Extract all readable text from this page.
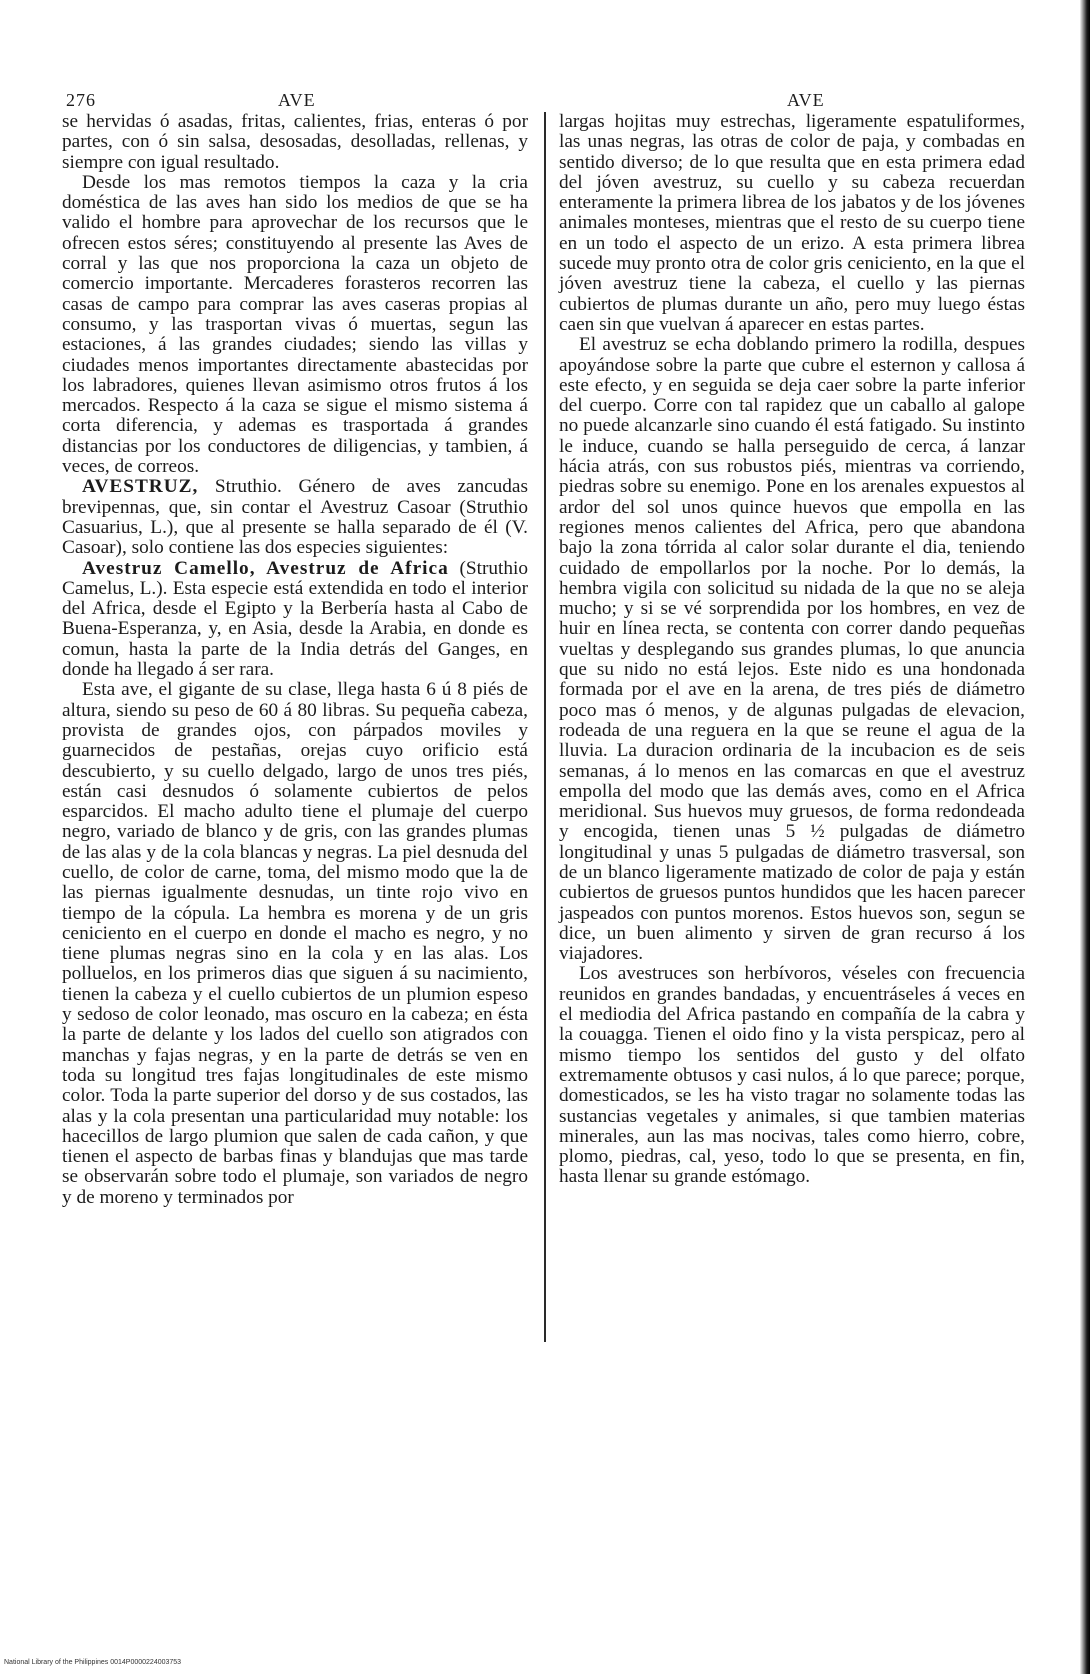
276	AVE	AVE

se hervidas ó asadas, fritas, calientes, frias, enteras ó por partes, con ó sin salsa, desosadas, desolladas, rellenas, y siempre con igual resultado.

Desde los mas remotos tiempos la caza y la cria doméstica de las aves han sido los medios de que se ha valido el hombre para aprovechar de los recursos que le ofrecen estos séres; constituyendo al presente las Aves de corral y las que nos proporciona la caza un objeto de comercio importante. Mercaderes forasteros recorren las casas de campo para comprar las aves caseras propias al consumo, y las trasportan vivas ó muertas, segun las estaciones, á las grandes ciudades; siendo las villas y ciudades menos importantes directamente abastecidas por los labradores, quienes llevan asimismo otros frutos á los mercados. Respecto á la caza se sigue el mismo sistema á corta diferencia, y ademas es trasportada á grandes distancias por los conductores de diligencias, y tambien, á veces, de correos.

AVESTRUZ, Struthio. Género de aves zancudas brevipennas, que, sin contar el Avestruz Casoar (Struthio Casuarius, L.), que al presente se halla separado de él (V. Casoar), solo contiene las dos especies siguientes:

Avestruz Camello, Avestruz de Africa (Struthio Camelus, L.). Esta especie está extendida en todo el interior del Africa, desde el Egipto y la Berbería hasta al Cabo de Buena-Esperanza, y, en Asia, desde la Arabia, en donde es comun, hasta la parte de la India detrás del Ganges, en donde ha llegado á ser rara.

Esta ave, el gigante de su clase, llega hasta 6 ú 8 piés de altura, siendo su peso de 60 á 80 libras. Su pequeña cabeza, provista de grandes ojos, con párpados moviles y guarnecidos de pestañas, orejas cuyo orificio está descubierto, y su cuello delgado, largo de unos tres piés, están casi desnudos ó solamente cubiertos de pelos esparcidos. El macho adulto tiene el plumaje del cuerpo negro, variado de blanco y de gris, con las grandes plumas de las alas y de la cola blancas y negras. La piel desnuda del cuello, de color de carne, toma, del mismo modo que la de las piernas igualmente desnudas, un tinte rojo vivo en tiempo de la cópula. La hembra es morena y de un gris ceniciento en el cuerpo en donde el macho es negro, y no tiene plumas negras sino en la cola y en las alas. Los polluelos, en los primeros dias que siguen á su nacimiento, tienen la cabeza y el cuello cubiertos de un plumion espeso y sedoso de color leonado, mas oscuro en la cabeza; en ésta la parte de delante y los lados del cuello son atigrados con manchas y fajas negras, y en la parte de detrás se ven en toda su longitud tres fajas longitudinales de este mismo color. Toda la parte superior del dorso y de sus costados, las alas y la cola presentan una particularidad muy notable: los hacecillos de largo plumion que salen de cada cañon, y que tienen el aspecto de barbas finas y blandujas que mas tarde se observarán sobre todo el plumaje, son variados de negro y de moreno y terminados por

largas hojitas muy estrechas, ligeramente espatuliformes, las unas negras, las otras de color de paja, y combadas en sentido diverso; de lo que resulta que en esta primera edad del jóven avestruz, su cuello y su cabeza recuerdan enteramente la primera librea de los jabatos y de los jóvenes animales monteses, mientras que el resto de su cuerpo tiene en un todo el aspecto de un erizo. A esta primera librea sucede muy pronto otra de color gris ceniciento, en la que el jóven avestruz tiene la cabeza, el cuello y las piernas cubiertos de plumas durante un año, pero muy luego éstas caen sin que vuelvan á aparecer en estas partes.

El avestruz se echa doblando primero la rodilla, despues apoyándose sobre la parte que cubre el esternon y callosa á este efecto, y en seguida se deja caer sobre la parte inferior del cuerpo. Corre con tal rapidez que un caballo al galope no puede alcanzarle sino cuando él está fatigado. Su instinto le induce, cuando se halla perseguido de cerca, á lanzar hácia atrás, con sus robustos piés, mientras va corriendo, piedras sobre su enemigo. Pone en los arenales expuestos al ardor del sol unos quince huevos que empolla en las regiones menos calientes del Africa, pero que abandona bajo la zona tórrida al calor solar durante el dia, teniendo cuidado de empollarlos por la noche. Por lo demás, la hembra vigila con solicitud su nidada de la que no se aleja mucho; y si se vé sorprendida por los hombres, en vez de huir en línea recta, se contenta con correr dando pequeñas vueltas y desplegando sus grandes plumas, lo que anuncia que su nido no está lejos. Este nido es una hondonada formada por el ave en la arena, de tres piés de diámetro poco mas ó menos, y de algunas pulgadas de elevacion, rodeada de una reguera en la que se reune el agua de la lluvia. La duracion ordinaria de la incubacion es de seis semanas, á lo menos en las comarcas en que el avestruz empolla del modo que las demás aves, como en el Africa meridional. Sus huevos muy gruesos, de forma redondeada y encogida, tienen unas 5 ½ pulgadas de diámetro longitudinal y unas 5 pulgadas de diámetro trasversal, son de un blanco ligeramente matizado de color de paja y están cubiertos de gruesos puntos hundidos que les hacen parecer jaspeados con puntos morenos. Estos huevos son, segun se dice, un buen alimento y sirven de gran recurso á los viajadores.

Los avestruces son herbívoros, véseles con frecuencia reunidos en grandes bandadas, y encuentráseles á veces en el mediodia del Africa pastando en compañía de la cabra y la couagga. Tienen el oido fino y la vista perspicaz, pero al mismo tiempo los sentidos del gusto y del olfato extremamente obtusos y casi nulos, á lo que parece; porque, domesticados, se les ha visto tragar no solamente todas las sustancias vegetales y animales, si que tambien materias minerales, aun las mas nocivas, tales como hierro, cobre, plomo, piedras, cal, yeso, todo lo que se presenta, en fin, hasta llenar su grande estómago.

National Library of the Philippines 0014P0000224003753
